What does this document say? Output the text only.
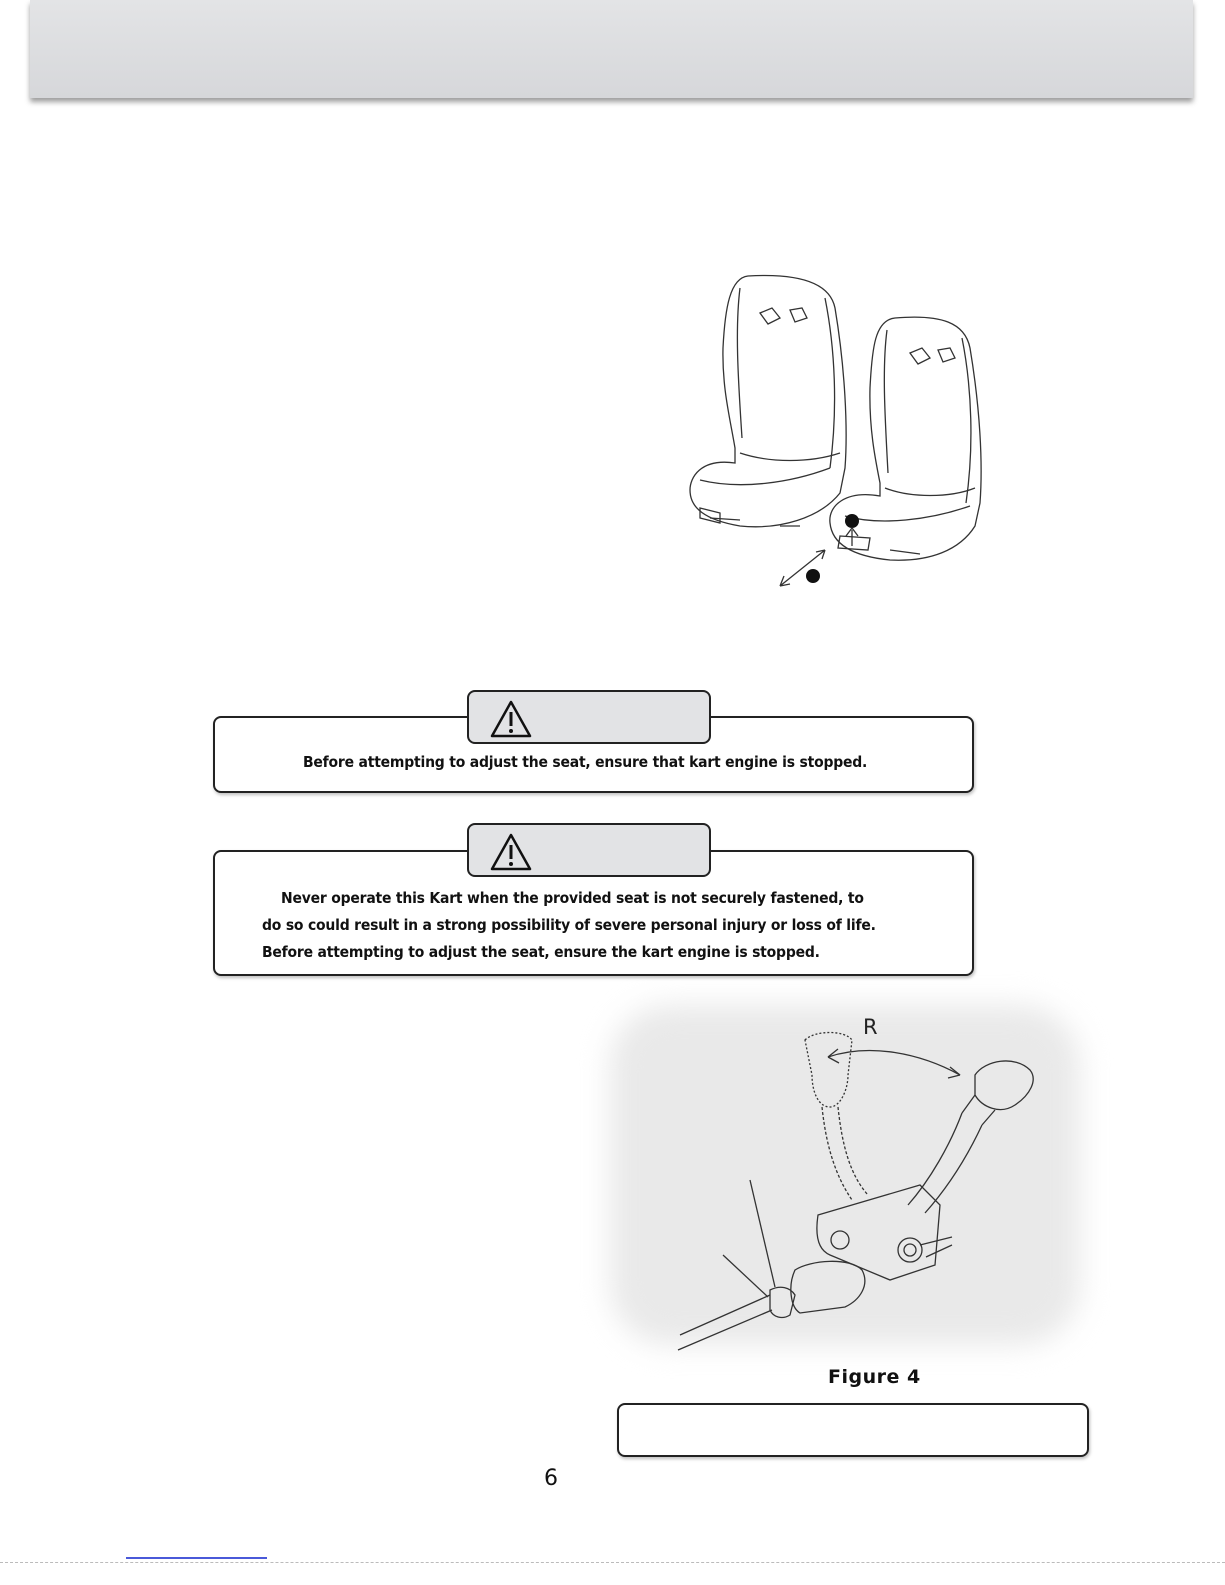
Before attempting to adjust the seat, ensure that kart engine is stopped.
Never operate this Kart when the provided seat is not securely fastened, to
do so could result in a strong possibility of severe personal injury or loss of life.
Before attempting to adjust the seat, ensure the kart engine is stopped.
R
Figure 4
6
